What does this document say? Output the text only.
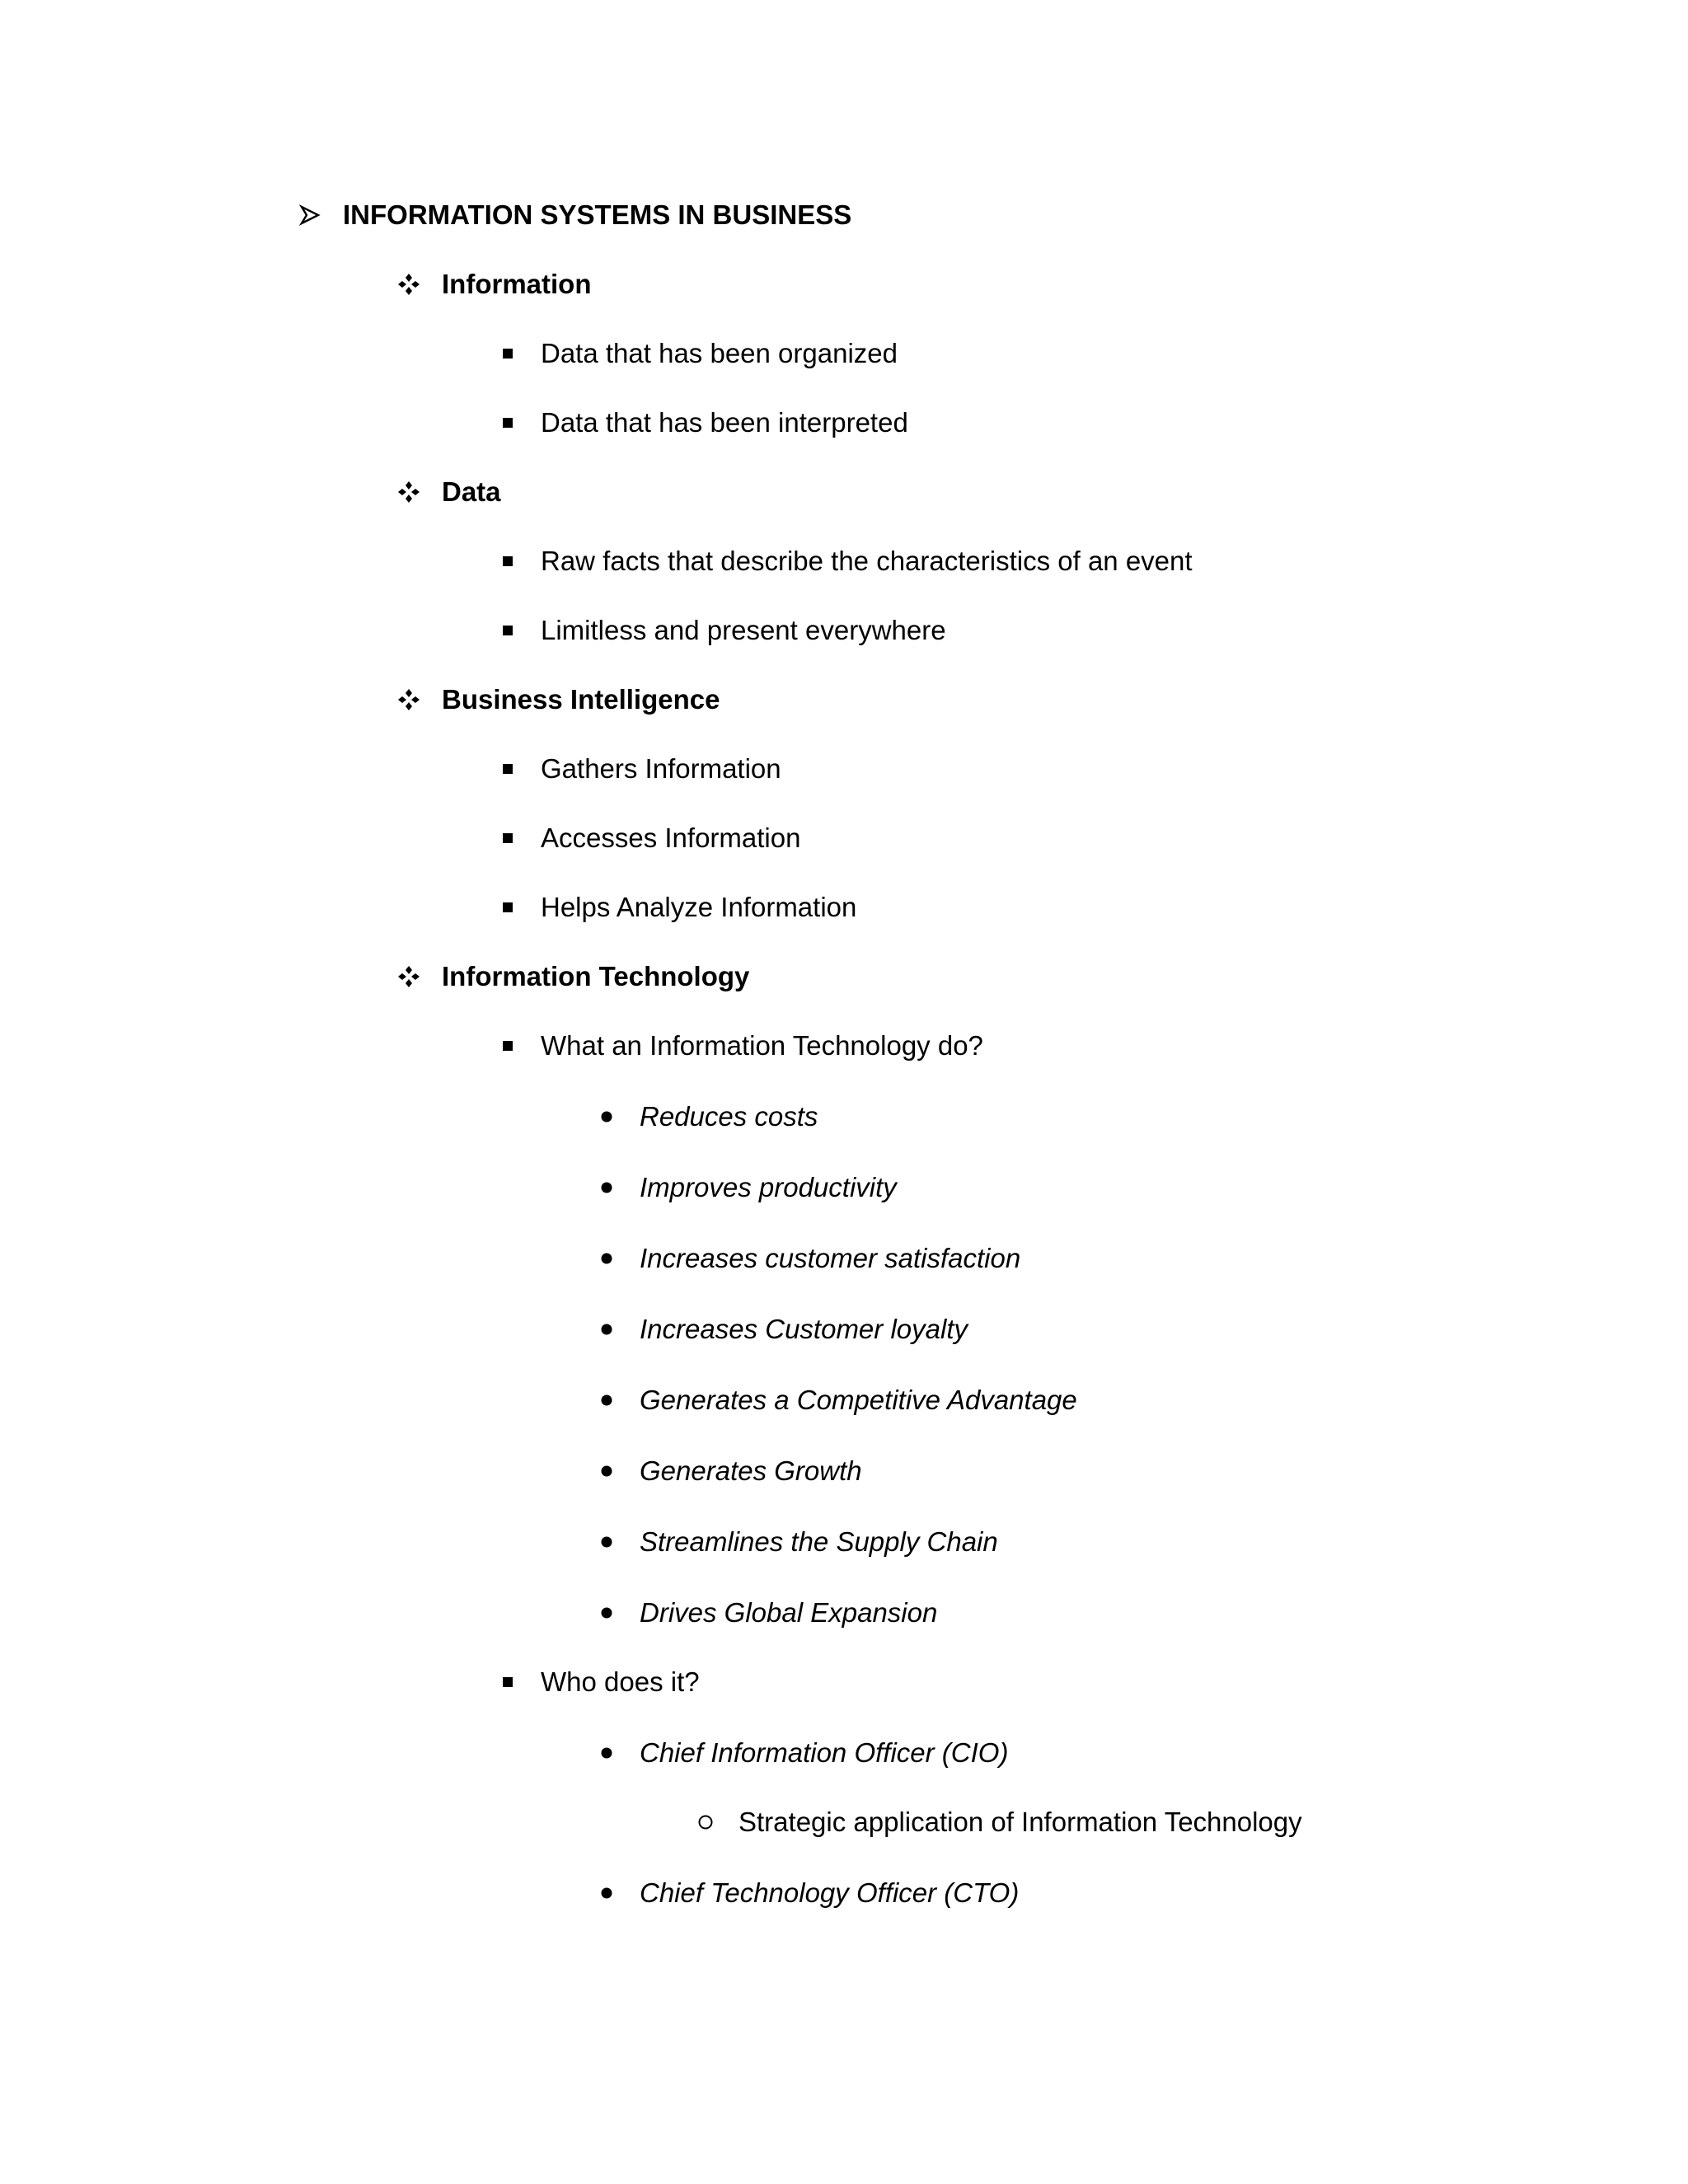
INFORMATION SYSTEMS IN BUSINESS
Information
Data that has been organized
Data that has been interpreted
Data
Raw facts that describe the characteristics of an event
Limitless and present everywhere
Business Intelligence
Gathers Information
Accesses Information
Helps Analyze Information
Information Technology
What an Information Technology do?
Reduces costs
Improves productivity
Increases customer satisfaction
Increases Customer loyalty
Generates a Competitive Advantage
Generates Growth
Streamlines the Supply Chain
Drives Global Expansion
Who does it?
Chief Information Officer (CIO)
Strategic application of Information Technology
Chief Technology Officer (CTO)
